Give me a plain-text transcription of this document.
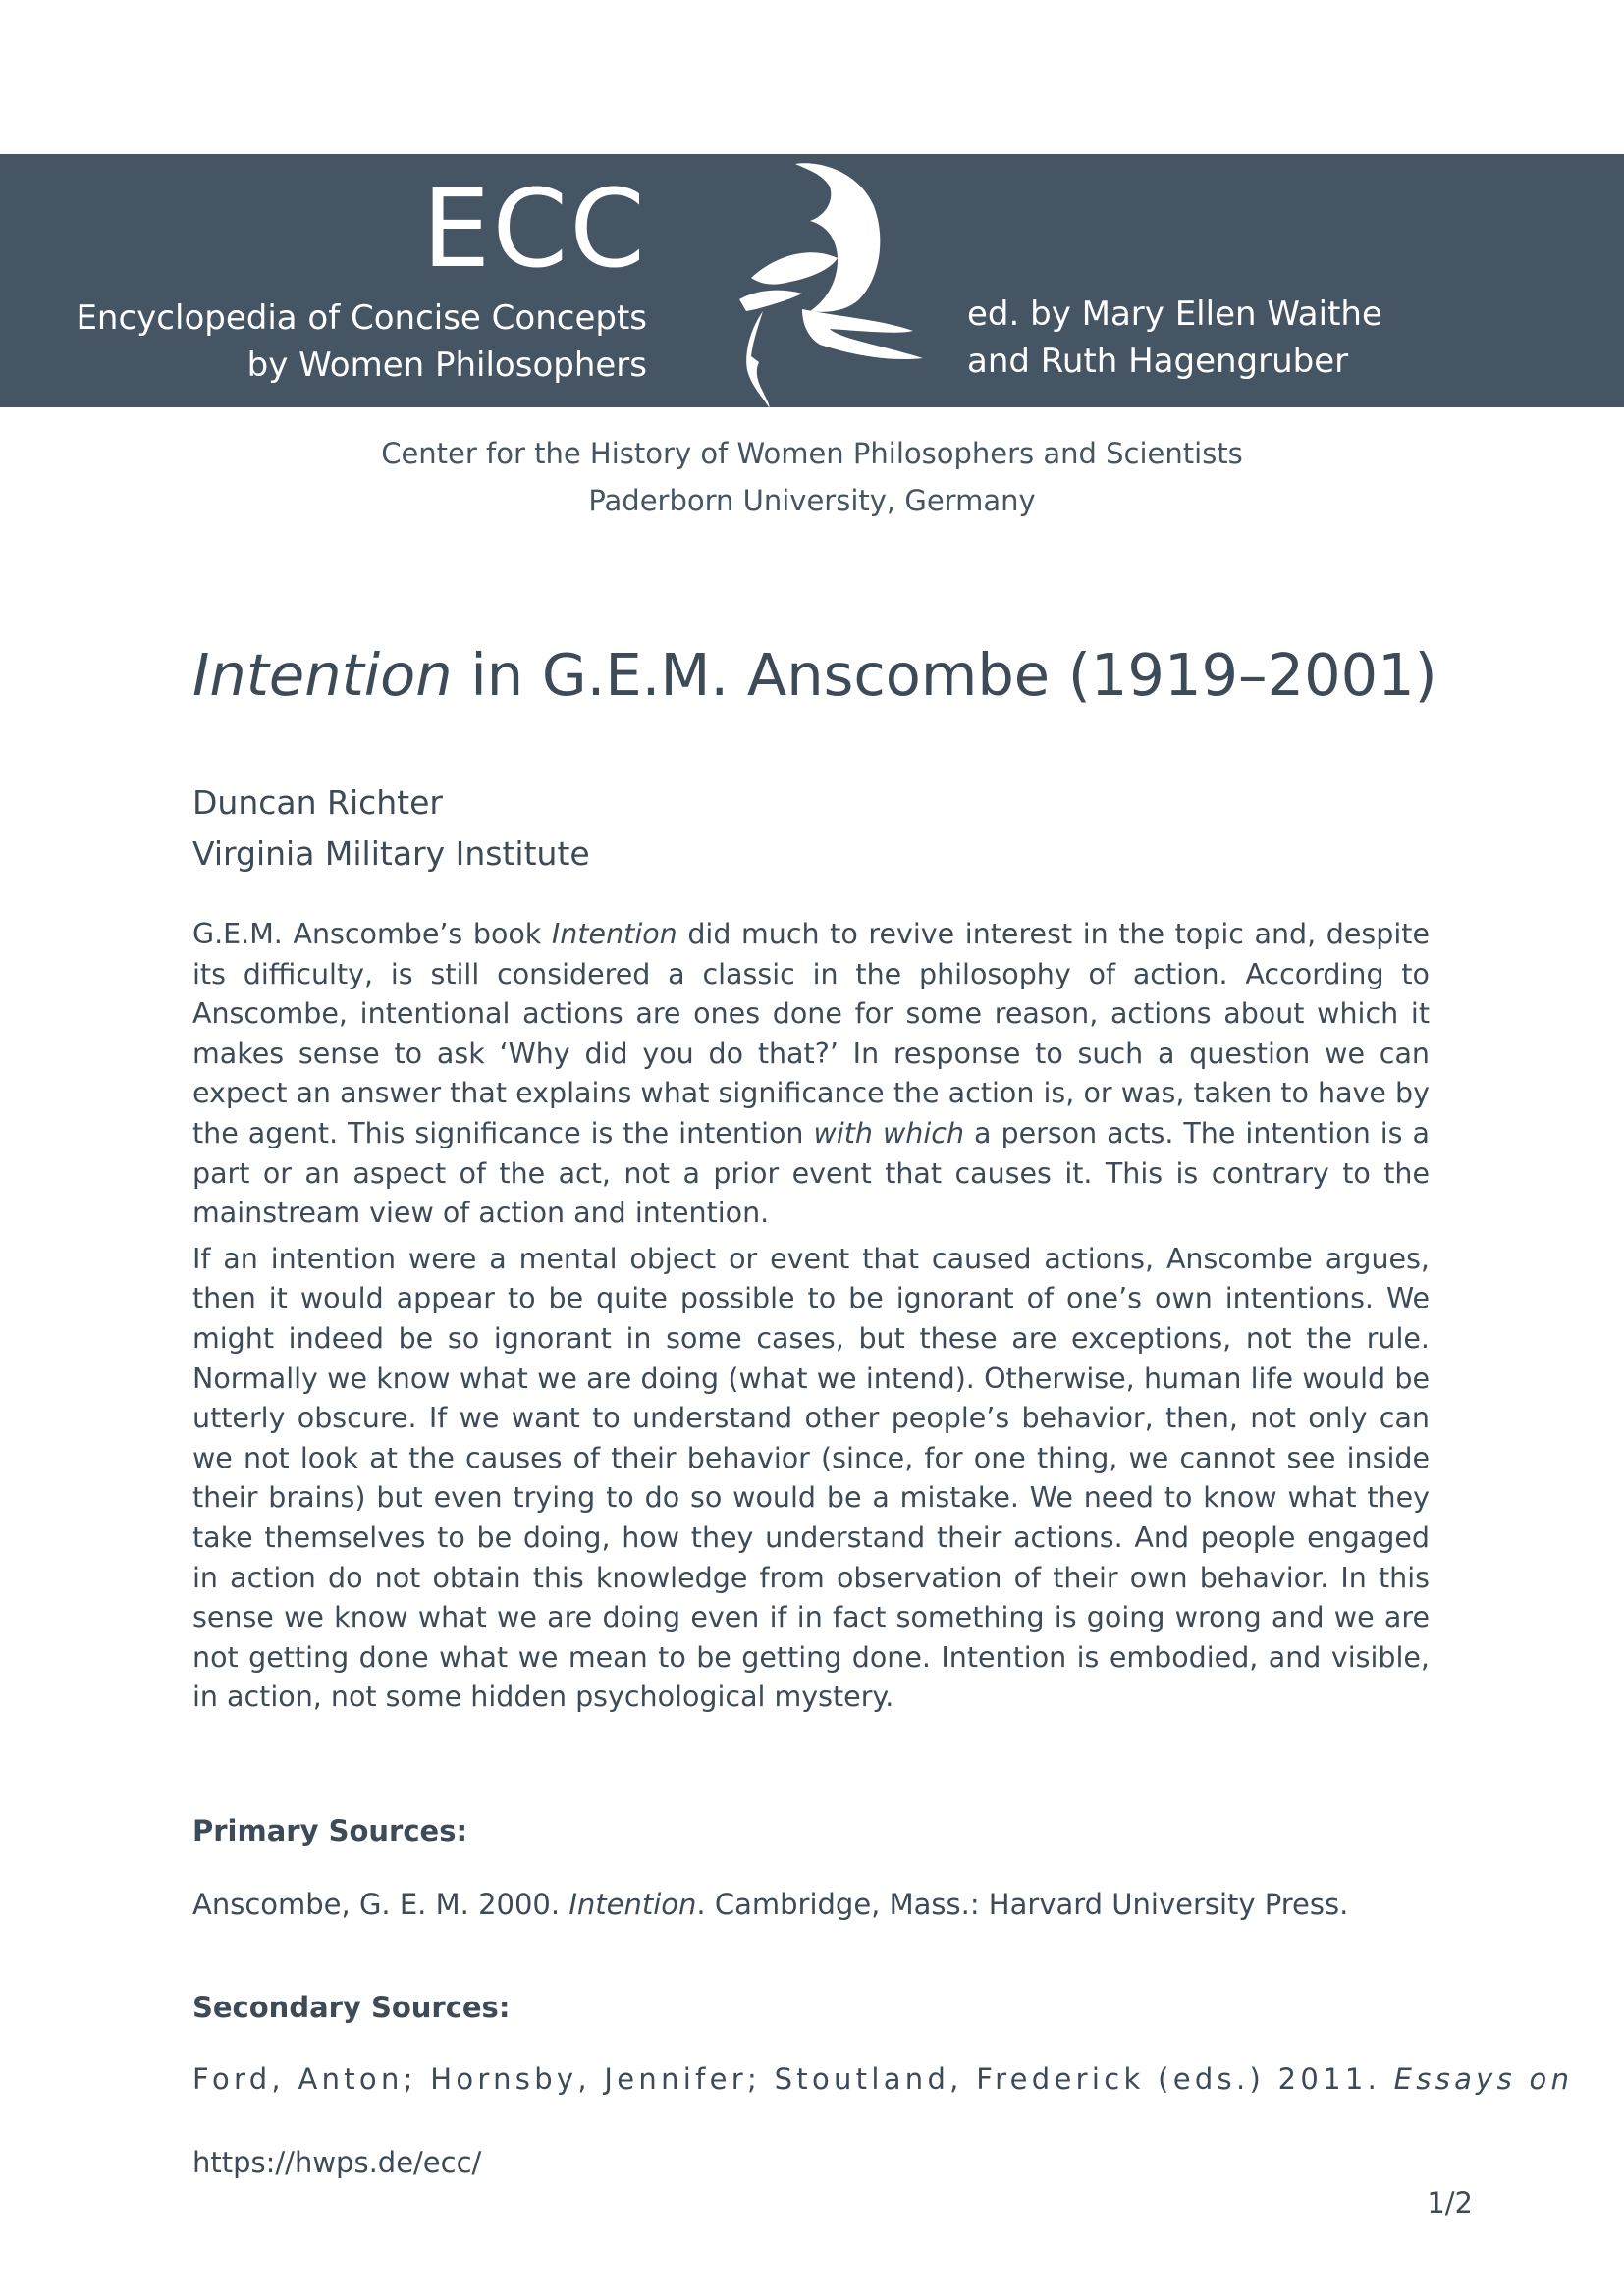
ECC
Encyclopedia of Concise Concepts
by Women Philosophers
ed. by Mary Ellen Waithe
and Ruth Hagengruber
Center for the History of Women Philosophers and Scientists
Paderborn University, Germany
Intention in G.E.M. Anscombe (1919–2001)
Duncan Richter
Virginia Military Institute

G.E.M. Anscombe’s book Intention did much to revive interest in the topic and, despite its difficulty, is still considered a classic in the philosophy of action. According to Anscombe, intentional actions are ones done for some reason, actions about which it makes sense to ask ‘Why did you do that?’ In response to such a question we can expect an answer that explains what significance the action is, or was, taken to have by the agent. This significance is the intention with which a person acts. The intention is a part or an aspect of the act, not a prior event that causes it. This is contrary to the mainstream view of action and intention.

If an intention were a mental object or event that caused actions, Anscombe argues, then it would appear to be quite possible to be ignorant of one’s own intentions. We might indeed be so ignorant in some cases, but these are exceptions, not the rule. Normally we know what we are doing (what we intend). Otherwise, human life would be utterly obscure. If we want to understand other people’s behavior, then, not only can we not look at the causes of their behavior (since, for one thing, we cannot see inside their brains) but even trying to do so would be a mistake. We need to know what they take themselves to be doing, how they understand their actions. And people engaged in action do not obtain this knowledge from observation of their own behavior. In this sense we know what we are doing even if in fact something is going wrong and we are not getting done what we mean to be getting done. Intention is embodied, and visible, in action, not some hidden psychological mystery.

Primary Sources:
Anscombe, G. E. M. 2000. Intention. Cambridge, Mass.: Harvard University Press.
Secondary Sources:
Ford, Anton; Hornsby, Jennifer; Stoutland, Frederick (eds.) 2011. Essays on
https://hwps.de/ecc/
1/2
